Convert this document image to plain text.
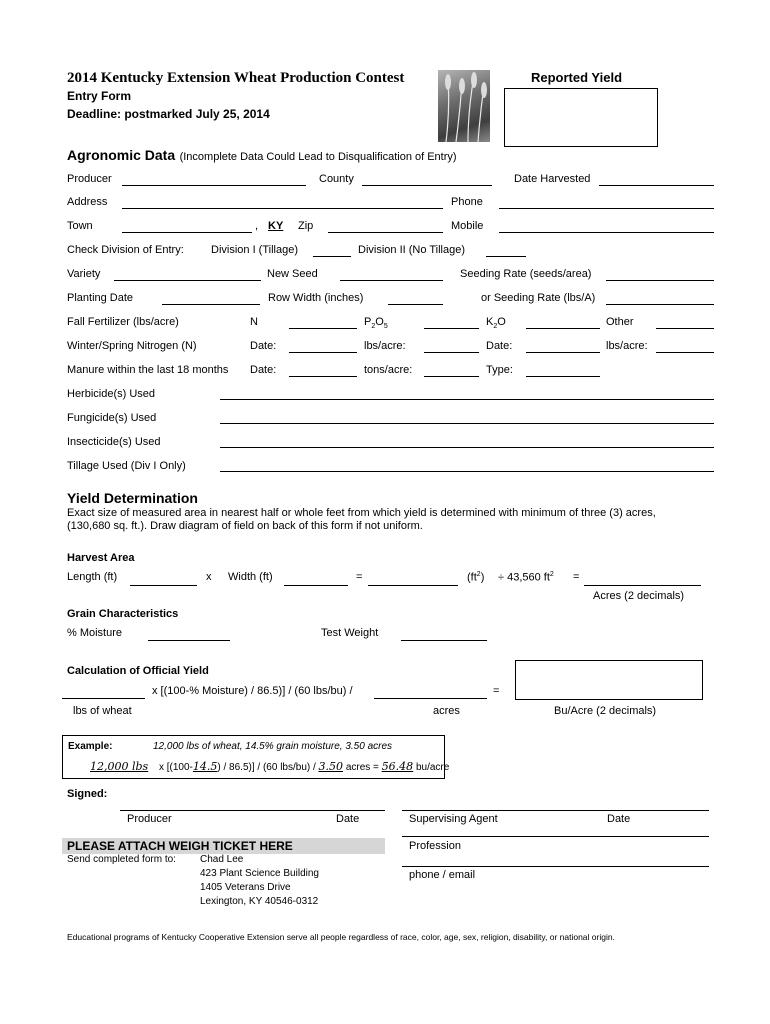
2014 Kentucky Extension Wheat Production Contest
Entry Form
Deadline: postmarked July 25, 2014
Reported Yield
Agronomic Data (Incomplete Data Could Lead to Disqualification of Entry)
Producer	County	Date Harvested
Address	Phone
Town	, KY Zip	Mobile
Check Division of Entry: Division I (Tillage)	Division II (No Tillage)
Variety	New Seed	Seeding Rate (seeds/area)
Planting Date	Row Width (inches)	or Seeding Rate (lbs/A)
Fall Fertilizer (lbs/acre)	N	$P_2O_5$	$K_2O$	Other
Winter/Spring Nitrogen (N)	Date:	lbs/acre:	Date:	lbs/acre:
Manure within the last 18 months Date:	tons/acre:	Type:
Herbicide(s) Used
Fungicide(s) Used
Insecticide(s) Used
Tillage Used (Div I Only)
Yield Determination
Exact size of measured area in nearest half or whole feet from which yield is determined with minimum of three (3) acres,
(130,680 sq. ft.). Draw diagram of field on back of this form if not uniform.
Harvest Area
Length (ft)	x Width (ft)	=	$(ft^2) \div 43,560$ $ft^2$ =
Acres (2 decimals)
Grain Characteristics
% Moisture	Test Weight
Calculation of Official Yield
x [(100-% Moisture) / 86.5)] / (60 lbs/bu) /	=
lbs of wheat	acres	Bu/Acre (2 decimals)
Example:	12,000 lbs of wheat, 14.5% grain moisture, 3.50 acres
12,000 lbs x [(100-14.5) / 86.5)] / (60 lbs/bu) / 3.50 acres = 56.48 bu/acre
Signed:
Producer	Date	Supervising Agent	Date
PLEASE ATTACH WEIGH TICKET HERE	Profession
phone / email
Send completed form to: Chad Lee
423 Plant Science Building
1405 Veterans Drive
Lexington, KY 40546-0312
Educational programs of Kentucky Cooperative Extension serve all people regardless of race, color, age, sex, religion, disability, or national origin.
